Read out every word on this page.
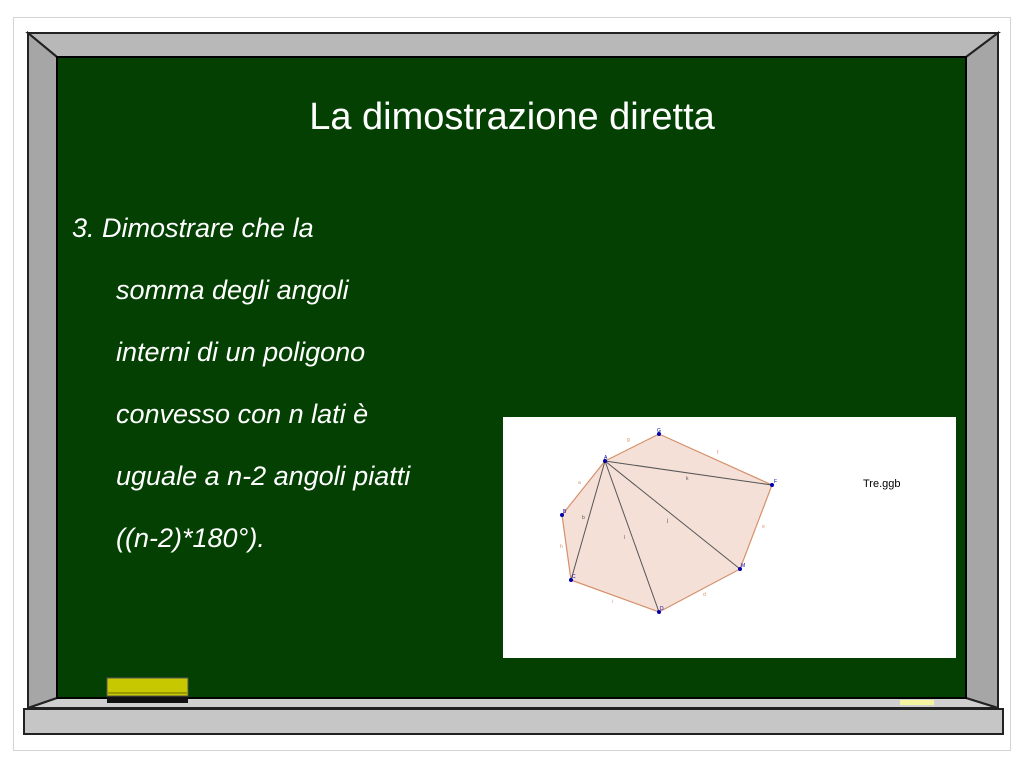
La dimostrazione diretta
3. Dimostrare che la
somma degli angoli
interni di un poligono
convesso con n lati è
uguale a n-2 angoli piatti
((n-2)*180°).
A
G
F
M
D
C
B
g
f
e
d
i
h
a
k
j
l
b
Tre.ggb
